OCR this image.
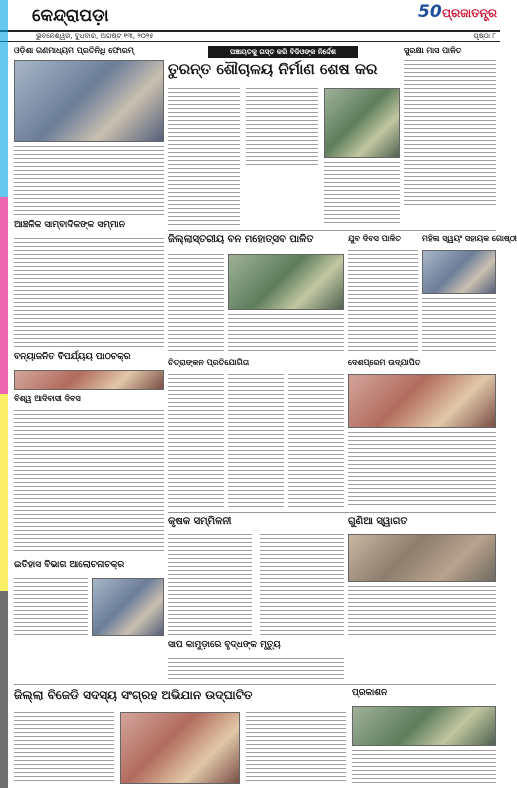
କେନ୍ଦ୍ରାପଡ଼ା	50 ପ୍ରଜାତନ୍ତ୍ର
ଭୁବନେଶ୍ୱର, ବୁଧବାର, ଅଗଷ୍ଟ ୧୩, ୨୦୨୫	ପୃଷ୍ଠା ୮
ଓଡ଼ିଶା ଗଣମାଧ୍ୟମ ପ୍ରତିନିଧି ଫୋରମ୍	ପଞ୍ଚାୟତକୁ ଗସ୍ତ କରି ବିଡିଓଙ୍କ ନିର୍ଦ୍ଦେଶ
ତୁରନ୍ତ ଶୌଚାଳୟ ନିର୍ମାଣ ଶେଷ କର
ସୁରକ୍ଷା ମାସ ପାଳିତ
ଆଞ୍ଚଳିକ ସାମ୍ବାଦିକଙ୍କ ସମ୍ମାନ
ବନ୍ୟାଜନିତ ବିପର୍ଯ୍ୟୟ ପାଠଚକ୍ର
ଜିଲ୍ଲାସ୍ତରୀୟ ବନ ମହୋତ୍ସବ ପାଳିତ	ଯୁବ ଦିବସ ପାଳିତ	ମହିଳା ସ୍ୱୟଂ ସହାୟକ ଗୋଷ୍ଠୀ
ବିଶ୍ୱ ଆଦିବାସୀ ଦିବସ
ଚିତ୍ରାଙ୍କନ ପ୍ରତିଯୋଗିତା	ଦେଶପ୍ରେମ ଉଦ୍‌ଯାପିତ
କୃଷକ ସମ୍ମିଳନୀ	ଗୁଣିଆ ସ୍ୱାଗତ
ଇତିହାସ ବିଭାଗ ଆଲୋଚନାଚକ୍ର
ସାପ କାମୁଡ଼ାରେ ବୃଦ୍ଧଙ୍କ ମୃତ୍ୟୁ
ଜିଲ୍ଲା ବିଜେଡି ସଦସ୍ୟ ସଂଗ୍ରହ ଅଭିଯାନ ଉଦ୍‌ଘାଟିତ	ପ୍ରକାଶନ
